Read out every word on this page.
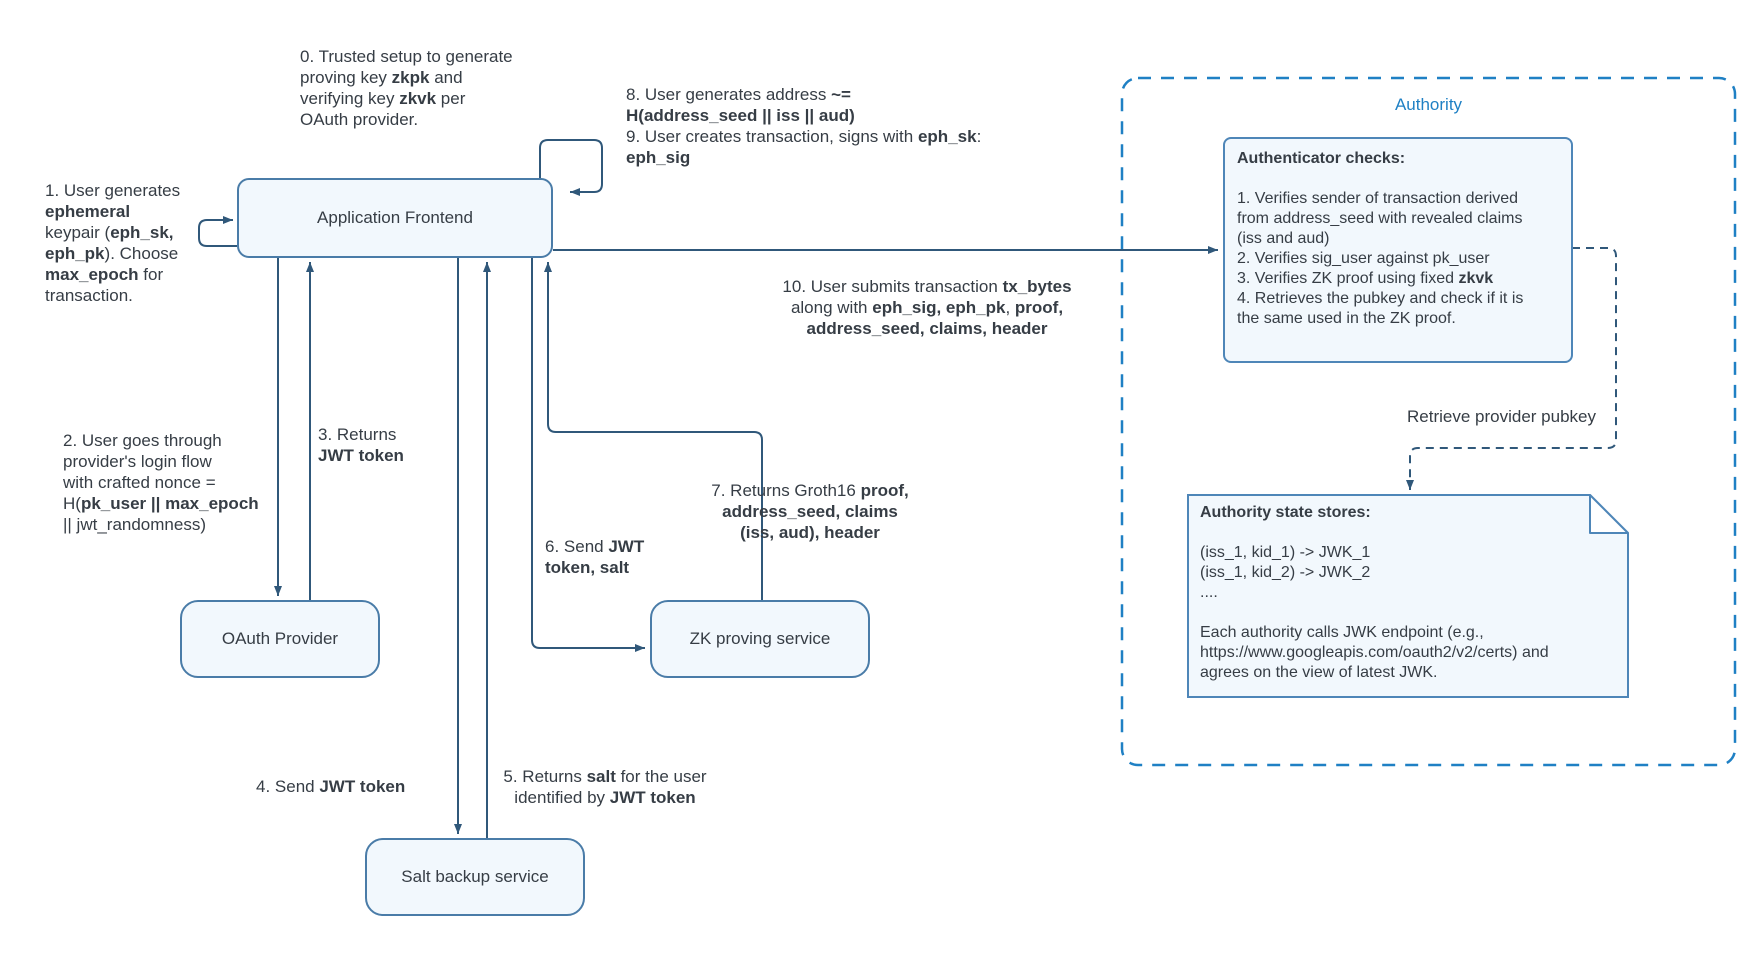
Authority
Application Frontend
OAuth Provider	ZK proving service
Salt backup service
Authenticator checks:

1. Verifies sender of transaction derived
from address_seed with revealed claims
(iss and aud)
2. Verifies sig_user against pk_user
3. Verifies ZK proof using fixed zkvk
4. Retrieves the pubkey and check if it is
the same used in the ZK proof.
Authority state stores:

(iss_1, kid_1) -> JWK_1
(iss_1, kid_2) -> JWK_2
....

Each authority calls JWK endpoint (e.g.,
https://www.googleapis.com/oauth2/v2/certs) and
agrees on the view of latest JWK.
0. Trusted setup to generate
proving key zkpk and
verifying key zkvk per
OAuth provider.
1. User generates
ephemeral
keypair (eph_sk,
eph_pk). Choose
max_epoch for
transaction.
2. User goes through
provider's login flow
with crafted nonce =
H(pk_user || max_epoch
|| jwt_randomness)
3. Returns
JWT token
4. Send JWT token
5. Returns salt for the user
identified by JWT token
6. Send JWT
token, salt
7. Returns Groth16 proof,
address_seed, claims
(iss, aud), header
8. User generates address ~=
H(address_seed || iss || aud)
9. User creates transaction, signs with eph_sk:
eph_sig
10. User submits transaction tx_bytes
along with eph_sig, eph_pk, proof,
address_seed, claims, header
Retrieve provider pubkey
